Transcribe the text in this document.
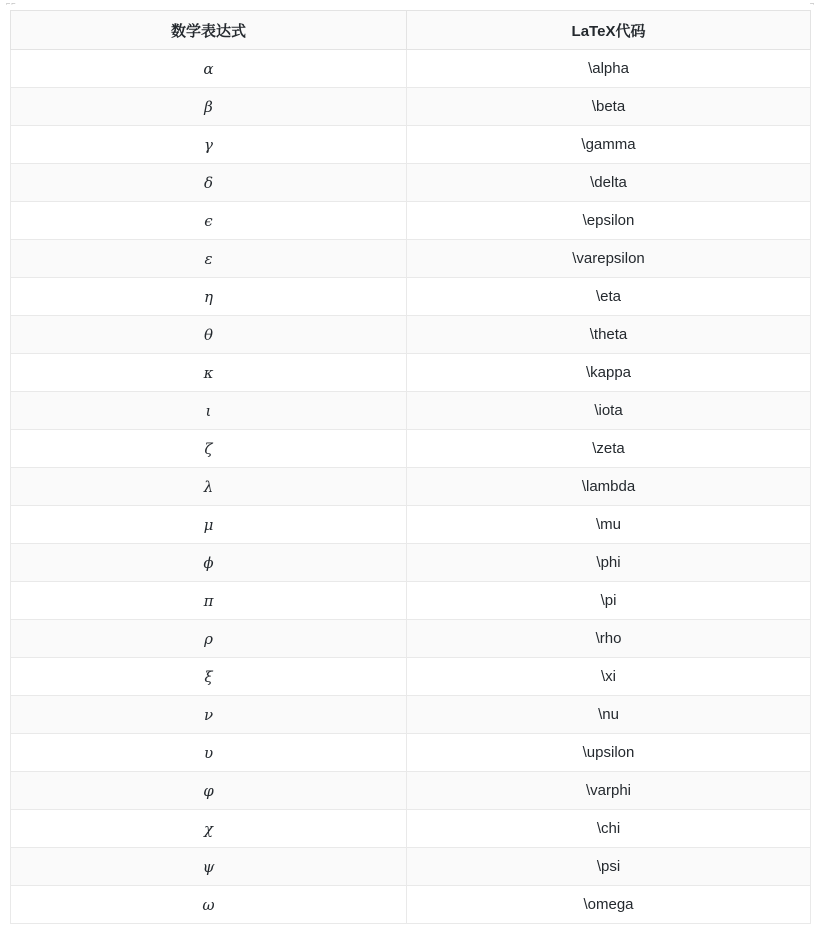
⌐⌐	¬
数学表达式	LaTeX代码
α	\alpha
β	\beta
γ	\gamma
δ	\delta
ϵ	\epsilon
ε	\varepsilon
η	\eta
θ	\theta
κ	\kappa
ι	\iota
ζ	\zeta
λ	\lambda
μ	\mu
ϕ	\phi
π	\pi
ρ	\rho
ξ	\xi
ν	\nu
υ	\upsilon
φ	\varphi
χ	\chi
ψ	\psi
ω	\omega
